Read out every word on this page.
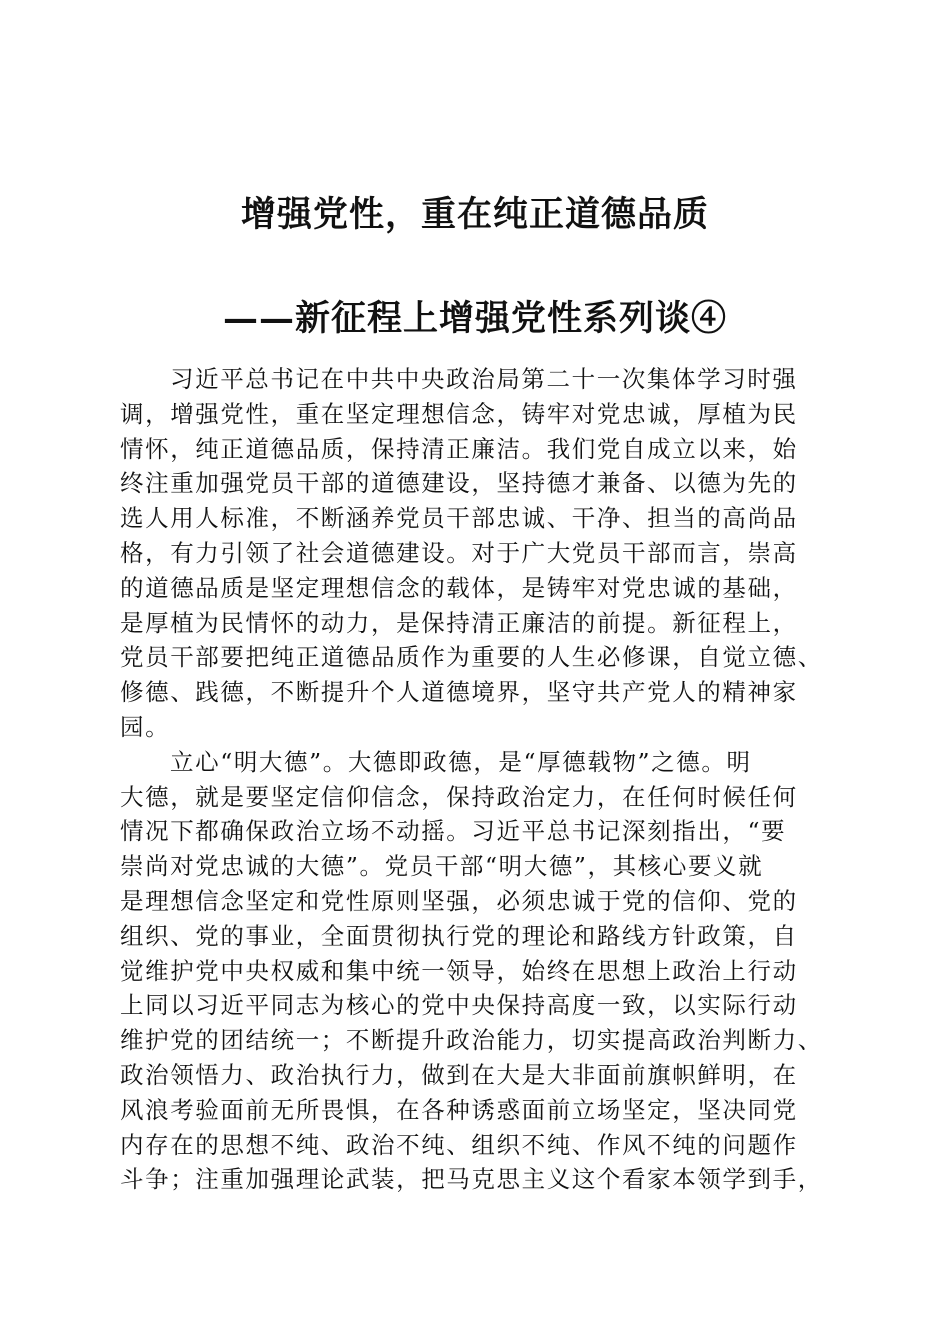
增强党性，重在纯正道德品质
——新征程上增强党性系列谈④
习近平总书记在中共中央政治局第二十一次集体学习时强
调，增强党性，重在坚定理想信念，铸牢对党忠诚，厚植为民
情怀，纯正道德品质，保持清正廉洁。我们党自成立以来，始
终注重加强党员干部的道德建设，坚持德才兼备、以德为先的
选人用人标准，不断涵养党员干部忠诚、干净、担当的高尚品
格，有力引领了社会道德建设。对于广大党员干部而言，崇高
的道德品质是坚定理想信念的载体，是铸牢对党忠诚的基础，
是厚植为民情怀的动力，是保持清正廉洁的前提。新征程上，
党员干部要把纯正道德品质作为重要的人生必修课，自觉立德、
修德、践德，不断提升个人道德境界，坚守共产党人的精神家
园。
立心“明大德”。大德即政德，是“厚德载物”之德。明
大德，就是要坚定信仰信念，保持政治定力，在任何时候任何
情况下都确保政治立场不动摇。习近平总书记深刻指出，“要
崇尚对党忠诚的大德”。党员干部“明大德”，其核心要义就
是理想信念坚定和党性原则坚强，必须忠诚于党的信仰、党的
组织、党的事业，全面贯彻执行党的理论和路线方针政策，自
觉维护党中央权威和集中统一领导，始终在思想上政治上行动
上同以习近平同志为核心的党中央保持高度一致，以实际行动
维护党的团结统一；不断提升政治能力，切实提高政治判断力、
政治领悟力、政治执行力，做到在大是大非面前旗帜鲜明，在
风浪考验面前无所畏惧，在各种诱惑面前立场坚定，坚决同党
内存在的思想不纯、政治不纯、组织不纯、作风不纯的问题作
斗争；注重加强理论武装，把马克思主义这个看家本领学到手，
